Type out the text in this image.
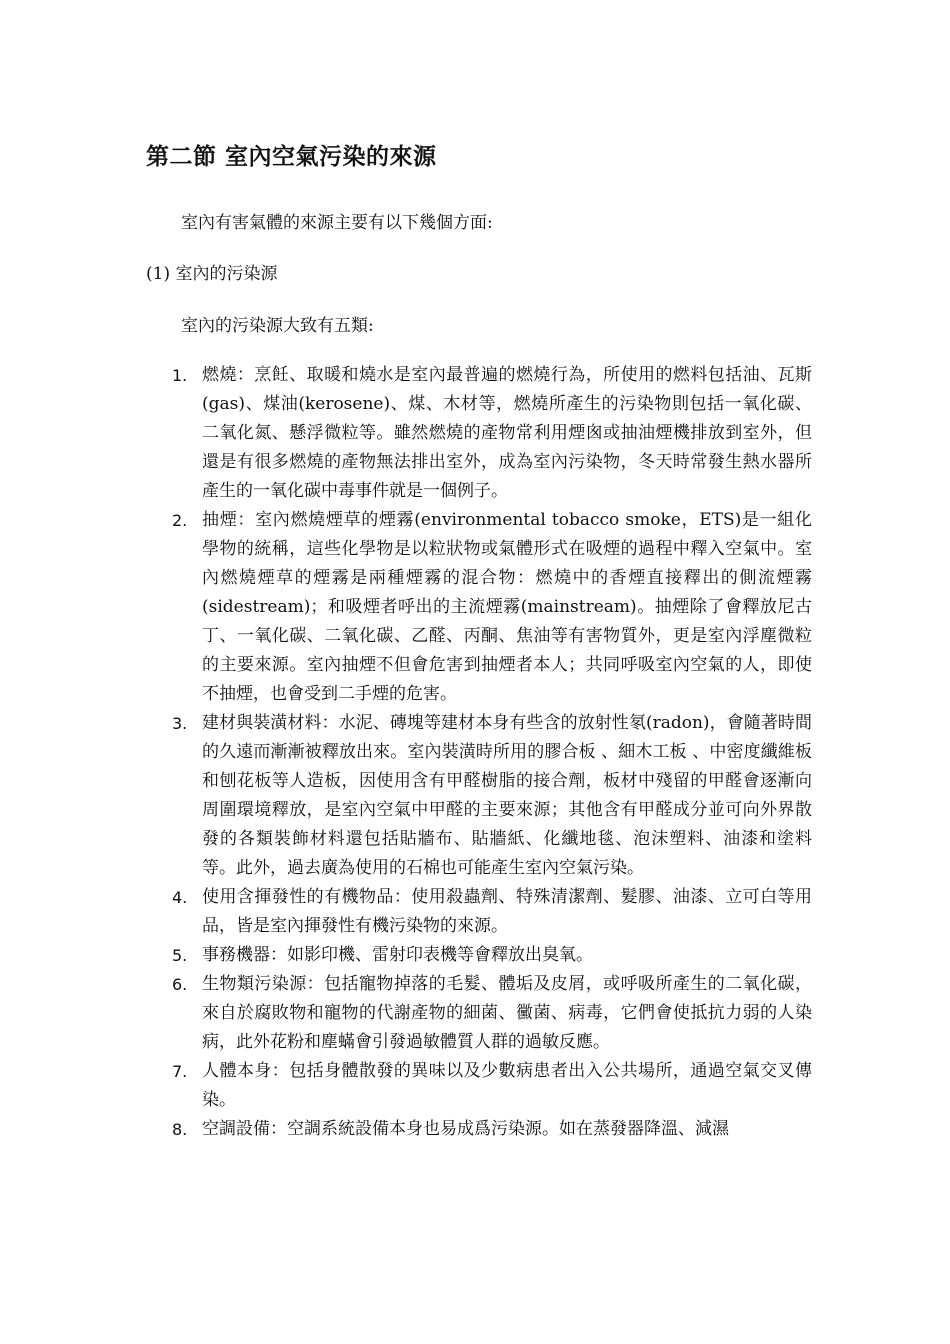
第二節 室內空氣污染的來源

室內有害氣體的來源主要有以下幾個方面:

(1) 室內的污染源

室內的污染源大致有五類:

1. 燃燒：烹飪、取暖和燒水是室內最普遍的燃燒行為，所使用的燃料包括油、瓦斯(gas)、煤油(kerosene)、煤、木材等，燃燒所產生的污染物則包括一氧化碳、二氧化氮、懸浮微粒等。雖然燃燒的產物常利用煙囪或抽油煙機排放到室外，但還是有很多燃燒的產物無法排出室外，成為室內污染物，冬天時常發生熱水器所產生的一氧化碳中毒事件就是一個例子。
2. 抽煙：室內燃燒煙草的煙霧(environmental tobacco smoke，ETS)是一組化學物的統稱，這些化學物是以粒狀物或氣體形式在吸煙的過程中釋入空氣中。室內燃燒煙草的煙霧是兩種煙霧的混合物：燃燒中的香煙直接釋出的側流煙霧(sidestream)；和吸煙者呼出的主流煙霧(mainstream)。抽煙除了會釋放尼古丁、一氧化碳、二氧化碳、乙醛、丙酮、焦油等有害物質外，更是室內浮塵微粒的主要來源。室內抽煙不但會危害到抽煙者本人；共同呼吸室內空氣的人，即使不抽煙，也會受到二手煙的危害。
3. 建材與裝潢材料：水泥、磚塊等建材本身有些含的放射性氡(radon)，會隨著時間的久遠而漸漸被釋放出來。室內裝潢時所用的膠合板 、細木工板 、中密度纖維板和刨花板等人造板，因使用含有甲醛樹脂的接合劑，板材中殘留的甲醛會逐漸向周圍環境釋放，是室內空氣中甲醛的主要來源；其他含有甲醛成分並可向外界散發的各類裝飾材料還包括貼牆布、貼牆紙、化纖地毯、泡沫塑料、油漆和塗料等。此外，過去廣為使用的石棉也可能產生室內空氣污染。
4. 使用含揮發性的有機物品：使用殺蟲劑、特殊清潔劑、髮膠、油漆、立可白等用品，皆是室內揮發性有機污染物的來源。
5. 事務機器：如影印機、雷射印表機等會釋放出臭氧。
6. 生物類污染源：包括寵物掉落的毛髮、體垢及皮屑，或呼吸所產生的二氧化碳，來自於腐敗物和寵物的代謝產物的細菌、黴菌、病毒，它們會使抵抗力弱的人染病，此外花粉和塵蟎會引發過敏體質人群的過敏反應。
7. 人體本身：包括身體散發的異味以及少數病患者出入公共場所，通過空氣交叉傳染。
8. 空調設備：空調系統設備本身也易成爲污染源。如在蒸發器降溫、減濕
